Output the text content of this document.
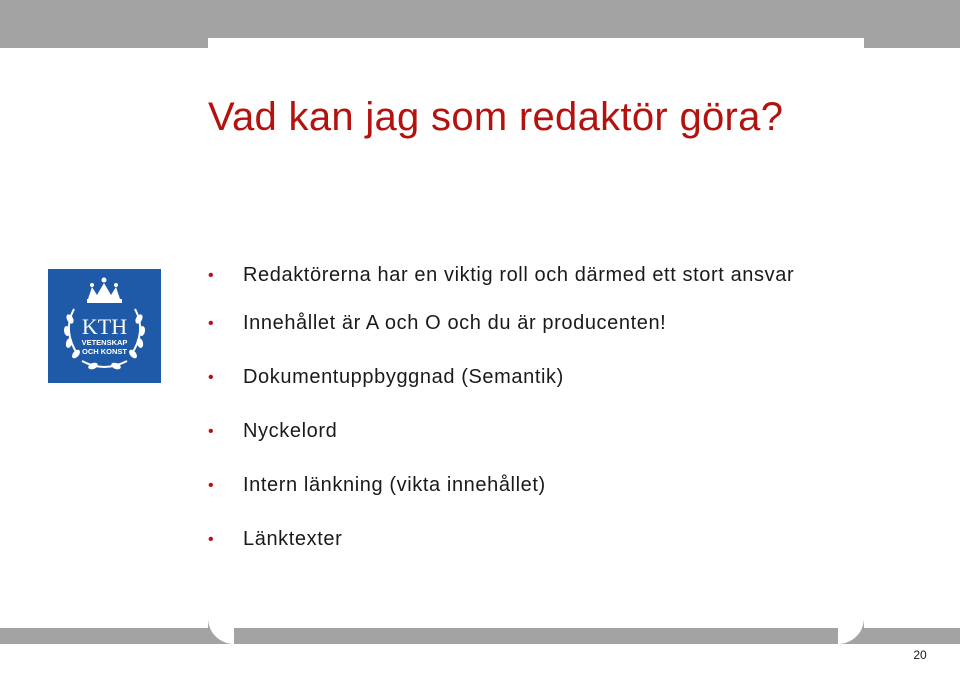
Vad kan jag som redaktör göra?
KTH
VETENSKAP
OCH KONST
• Redaktörerna har en viktig roll och därmed ett stort ansvar
• Innehållet är A och O och du är producenten!
• Dokumentuppbyggnad (Semantik)
• Nyckelord
• Intern länkning (vikta innehållet)
• Länktexter
20
